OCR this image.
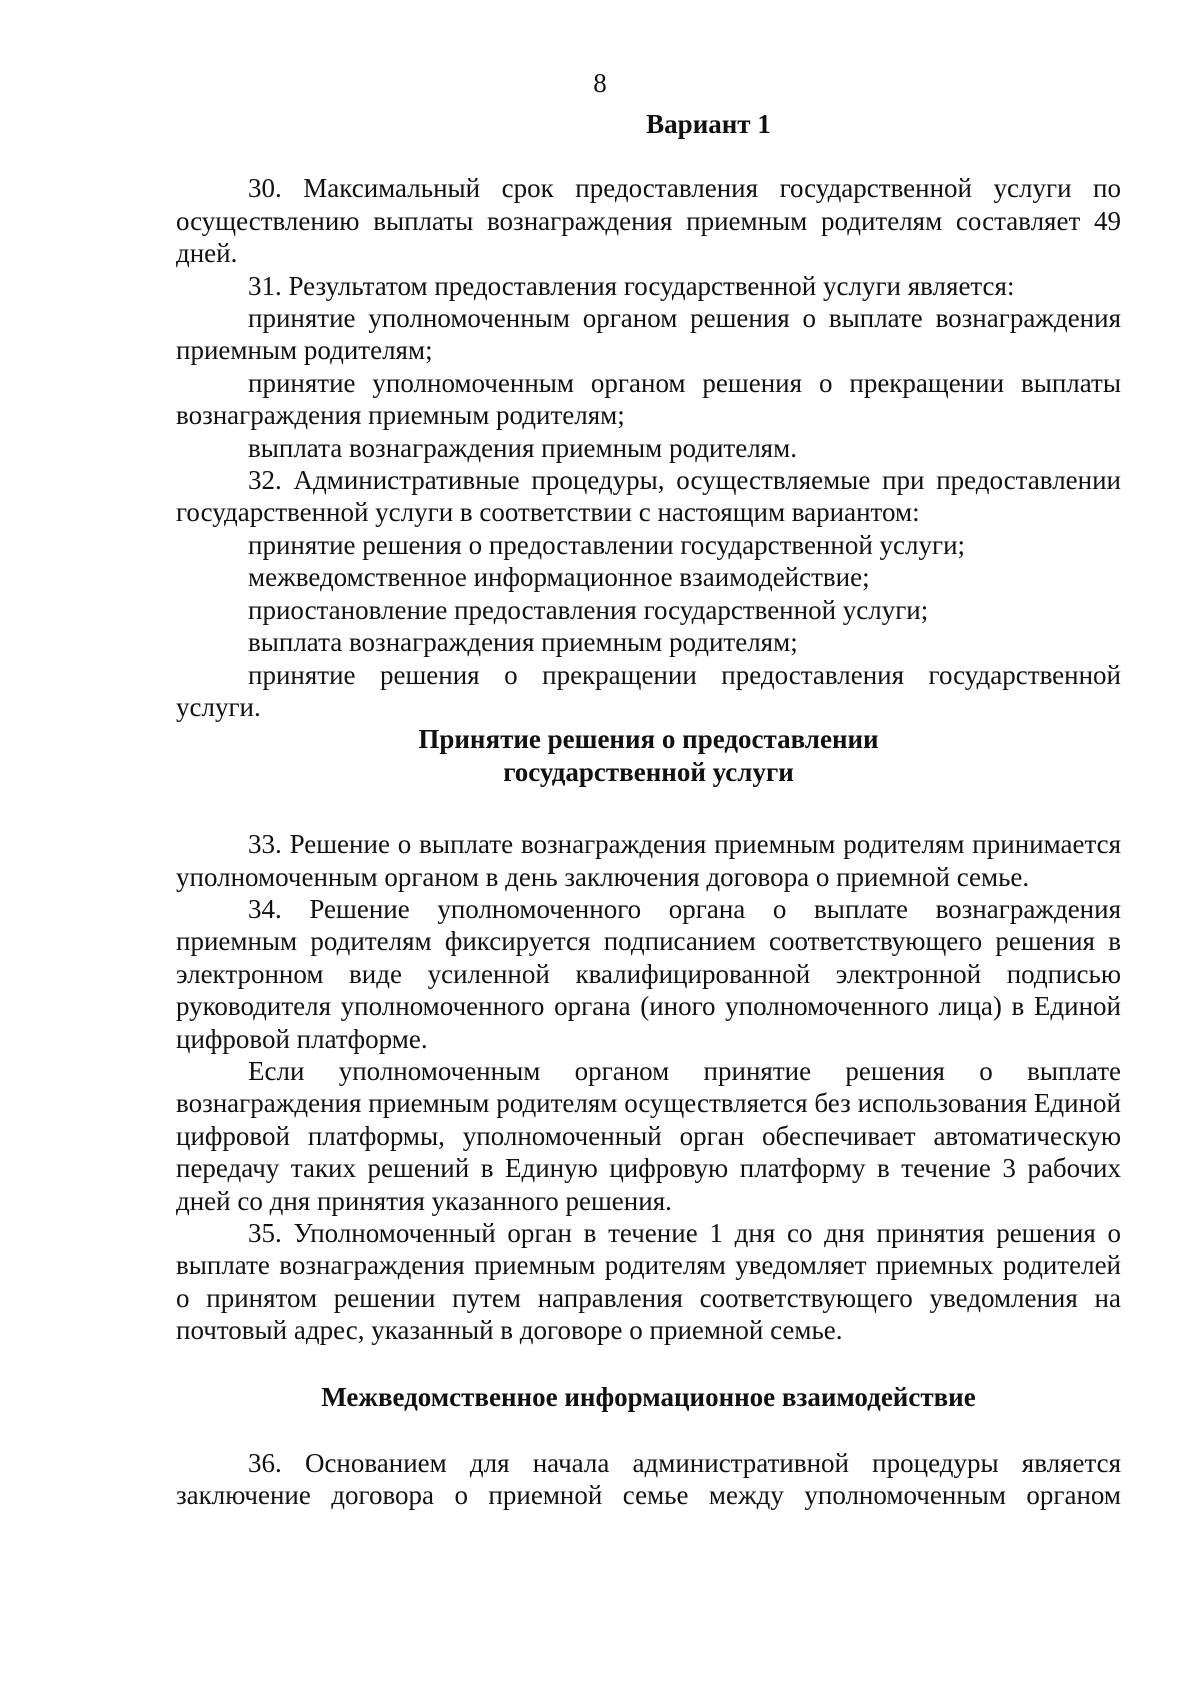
8
Вариант 1

30. Максимальный срок предоставления государственной услуги по осуществлению выплаты вознаграждения приемным родителям составляет 49 дней.

31. Результатом предоставления государственной услуги является:

принятие уполномоченным органом решения о выплате вознаграждения приемным родителям;

принятие уполномоченным органом решения о прекращении выплаты вознаграждения приемным родителям;

выплата вознаграждения приемным родителям.

32. Административные процедуры, осуществляемые при предоставлении государственной услуги в соответствии с настоящим вариантом:

принятие решения о предоставлении государственной услуги;

межведомственное информационное взаимодействие;

приостановление предоставления государственной услуги;

выплата вознаграждения приемным родителям;

принятие решения о прекращении предоставления государственной услуги.

Принятие решения о предоставлении
государственной услуги

33. Решение о выплате вознаграждения приемным родителям принимается уполномоченным органом в день заключения договора о приемной семье.

34. Решение уполномоченного органа о выплате вознаграждения приемным родителям фиксируется подписанием соответствующего решения в электронном виде усиленной квалифицированной электронной подписью руководителя уполномоченного органа (иного уполномоченного лица) в Единой цифровой платформе.

Если уполномоченным органом принятие решения о выплате вознаграждения приемным родителям осуществляется без использования Единой цифровой платформы, уполномоченный орган обеспечивает автоматическую передачу таких решений в Единую цифровую платформу в течение 3 рабочих дней со дня принятия указанного решения.

35. Уполномоченный орган в течение 1 дня со дня принятия решения о выплате вознаграждения приемным родителям уведомляет приемных родителей о принятом решении путем направления соответствующего уведомления на почтовый адрес, указанный в договоре о приемной семье.

Межведомственное информационное взаимодействие

36. Основанием для начала административной процедуры является заключение договора о приемной семье между уполномоченным органом
